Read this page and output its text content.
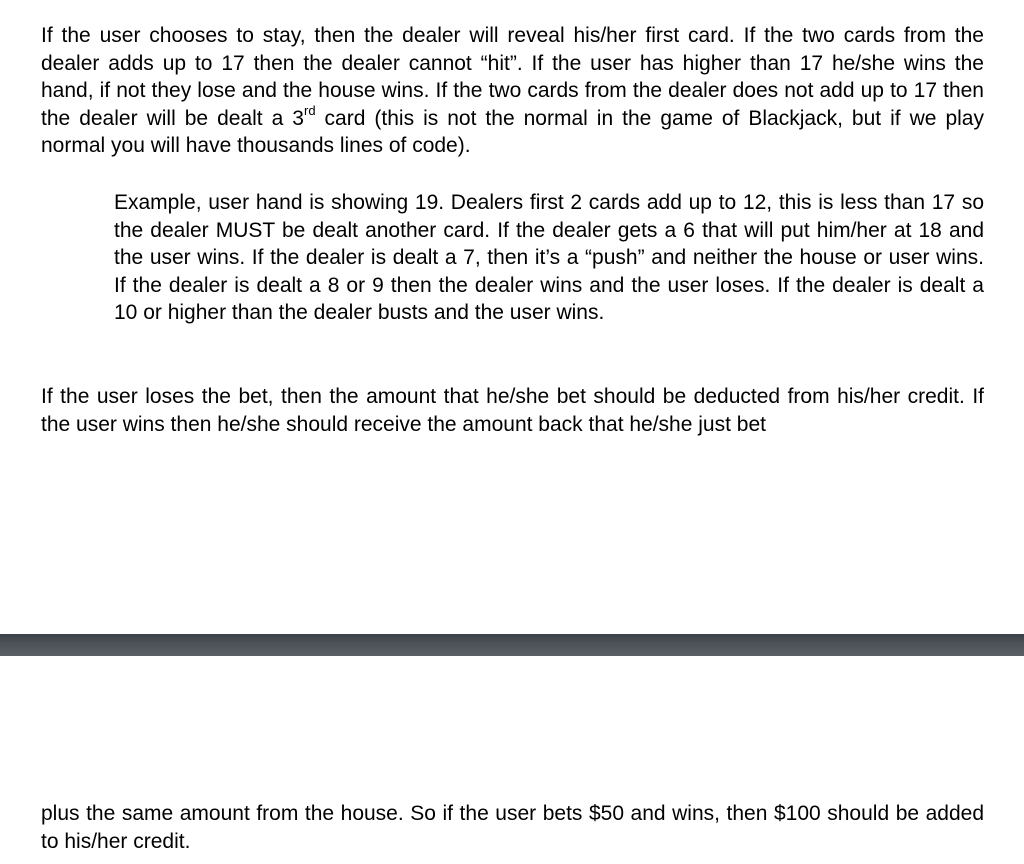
If the user chooses to stay, then the dealer will reveal his/her first card. If the two cards from the dealer adds up to 17 then the dealer cannot “hit”. If the user has higher than 17 he/she wins the hand, if not they lose and the house wins. If the two cards from the dealer does not add up to 17 then the dealer will be dealt a 3rd card (this is not the normal in the game of Blackjack, but if we play normal you will have thousands lines of code).

Example, user hand is showing 19. Dealers first 2 cards add up to 12, this is less than 17 so the dealer MUST be dealt another card. If the dealer gets a 6 that will put him/her at 18 and the user wins. If the dealer is dealt a 7, then it’s a “push” and neither the house or user wins. If the dealer is dealt a 8 or 9 then the dealer wins and the user loses. If the dealer is dealt a 10 or higher than the dealer busts and the user wins.

If the user loses the bet, then the amount that he/she bet should be deducted from his/her credit. If the user wins then he/she should receive the amount back that he/she just bet

plus the same amount from the house. So if the user bets $50 and wins, then $100 should be added to his/her credit.
